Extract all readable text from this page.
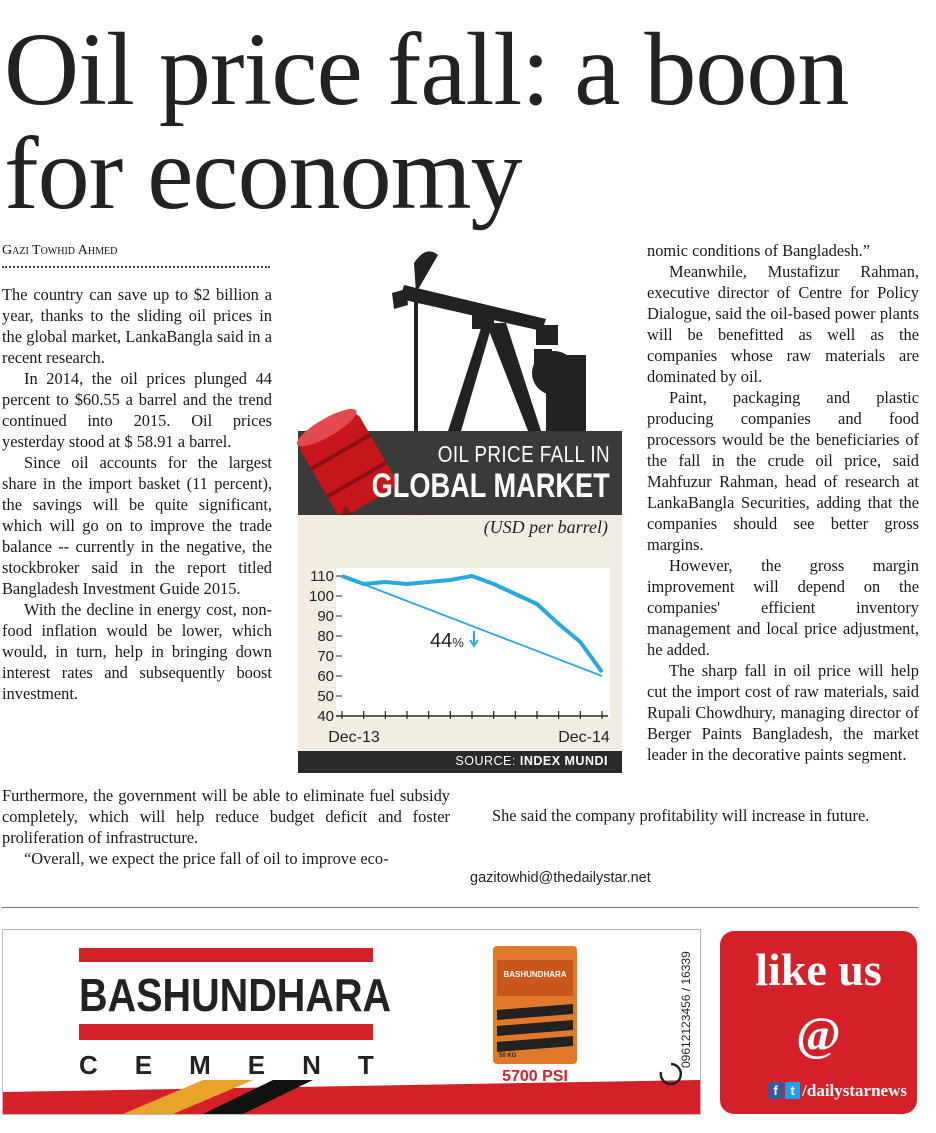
Oil price fall: a boon for economy
Gazi Towhid Ahmed

The country can save up to $2 billion a year, thanks to the sliding oil prices in the global market, LankaBangla said in a recent research.

In 2014, the oil prices plunged 44 percent to $60.55 a barrel and the trend continued into 2015. Oil prices yesterday stood at $ 58.91 a barrel.

Since oil accounts for the largest share in the import basket (11 percent), the savings will be quite significant, which will go on to improve the trade balance -- currently in the negative, the stockbroker said in the report titled Bangladesh Investment Guide 2015.

With the decline in energy cost, non-food inflation would be lower, which would, in turn, help in bringing down interest rates and subsequently boost investment.

Furthermore, the government will be able to eliminate fuel subsidy completely, which will help reduce budget deficit and foster proliferation of infrastructure.

“Overall, we expect the price fall of oil to improve eco-

nomic conditions of Bangladesh.”

Meanwhile, Mustafizur Rahman, executive director of Centre for Policy Dialogue, said the oil-based power plants will be benefitted as well as the companies whose raw materials are dominated by oil.

Paint, packaging and plastic producing companies and food processors would be the beneficiaries of the fall in the crude oil price, said Mahfuzur Rahman, head of research at LankaBangla Securities, adding that the companies should see better gross margins.

However, the gross margin improvement will depend on the companies' efficient inventory management and local price adjustment, he added.

The sharp fall in oil price will help cut the import cost of raw materials, said Rupali Chowdhury, managing director of Berger Paints Bangladesh, the market leader in the decorative paints segment.

She said the company profitability will increase in future.

gazitowhid@thedailystar.net
OIL PRICE FALL IN
GLOBAL MARKET
(USD per barrel)
40
50
60
70
80
90
100
110
44%
Dec-13	Dec-14
SOURCE: INDEX MUNDI
BASHUNDHARA
CEMENT
BASHUNDHARA
50 KG
5700 PSI
09612123456 / 16339	like us
@
f t /dailystarnews
